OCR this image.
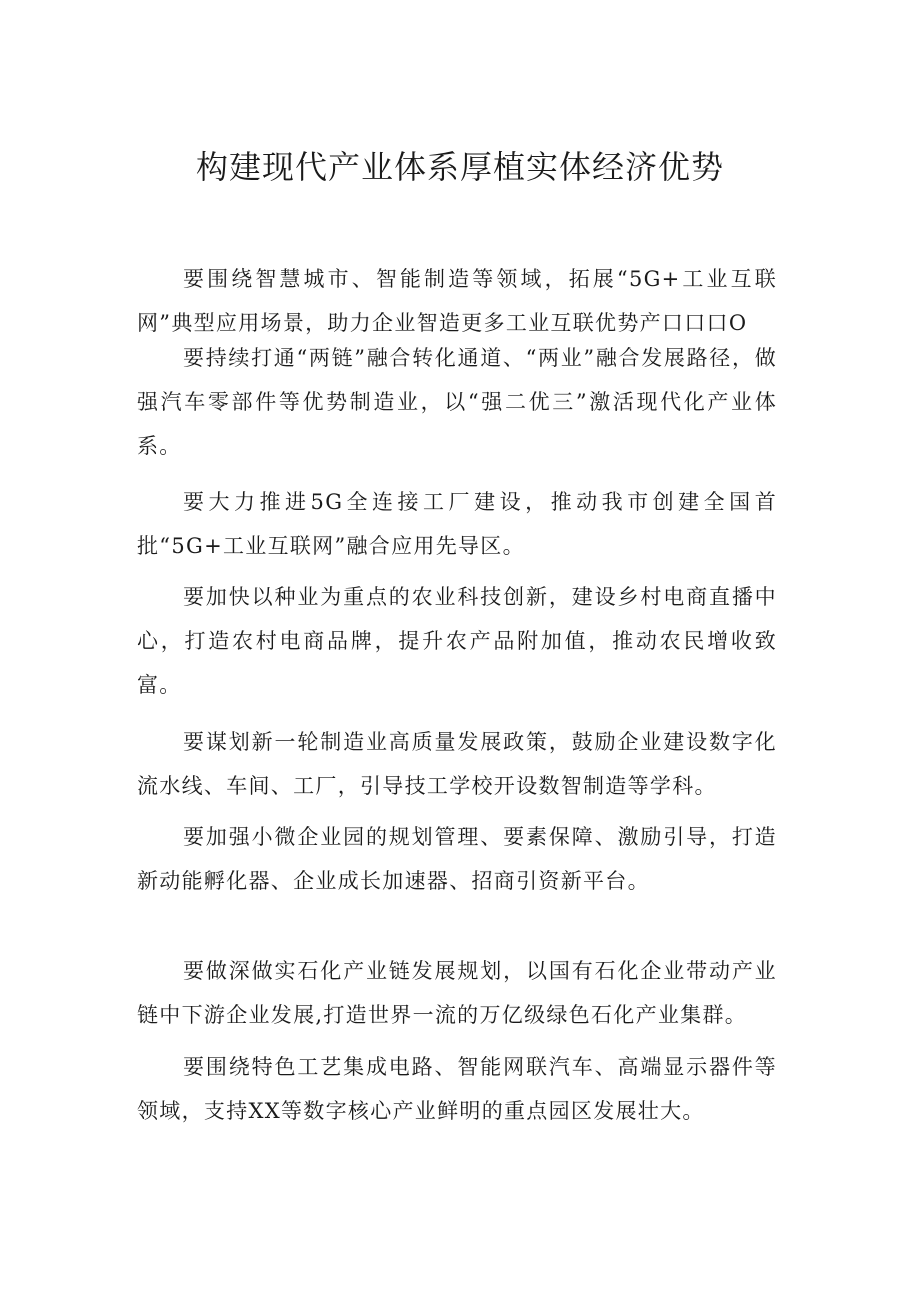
构建现代产业体系厚植实体经济优势

要围绕智慧城市、智能制造等领域，拓展“5G+工业互联网”典型应用场景，助力企业智造更多工业互联优势产口口口O

要持续打通“两链”融合转化通道、“两业”融合发展路径，做强汽车零部件等优势制造业，以“强二优三”激活现代化产业体系。

要大力推进5G全连接工厂建设，推动我市创建全国首批“5G+工业互联网”融合应用先导区。

要加快以种业为重点的农业科技创新，建设乡村电商直播中心，打造农村电商品牌，提升农产品附加值，推动农民增收致富。

要谋划新一轮制造业高质量发展政策，鼓励企业建设数字化流水线、车间、工厂，引导技工学校开设数智制造等学科。

要加强小微企业园的规划管理、要素保障、激励引导，打造新动能孵化器、企业成长加速器、招商引资新平台。

要做深做实石化产业链发展规划，以国有石化企业带动产业链中下游企业发展,打造世界一流的万亿级绿色石化产业集群。

要围绕特色工艺集成电路、智能网联汽车、高端显示器件等领域，支持XX等数字核心产业鲜明的重点园区发展壮大。
